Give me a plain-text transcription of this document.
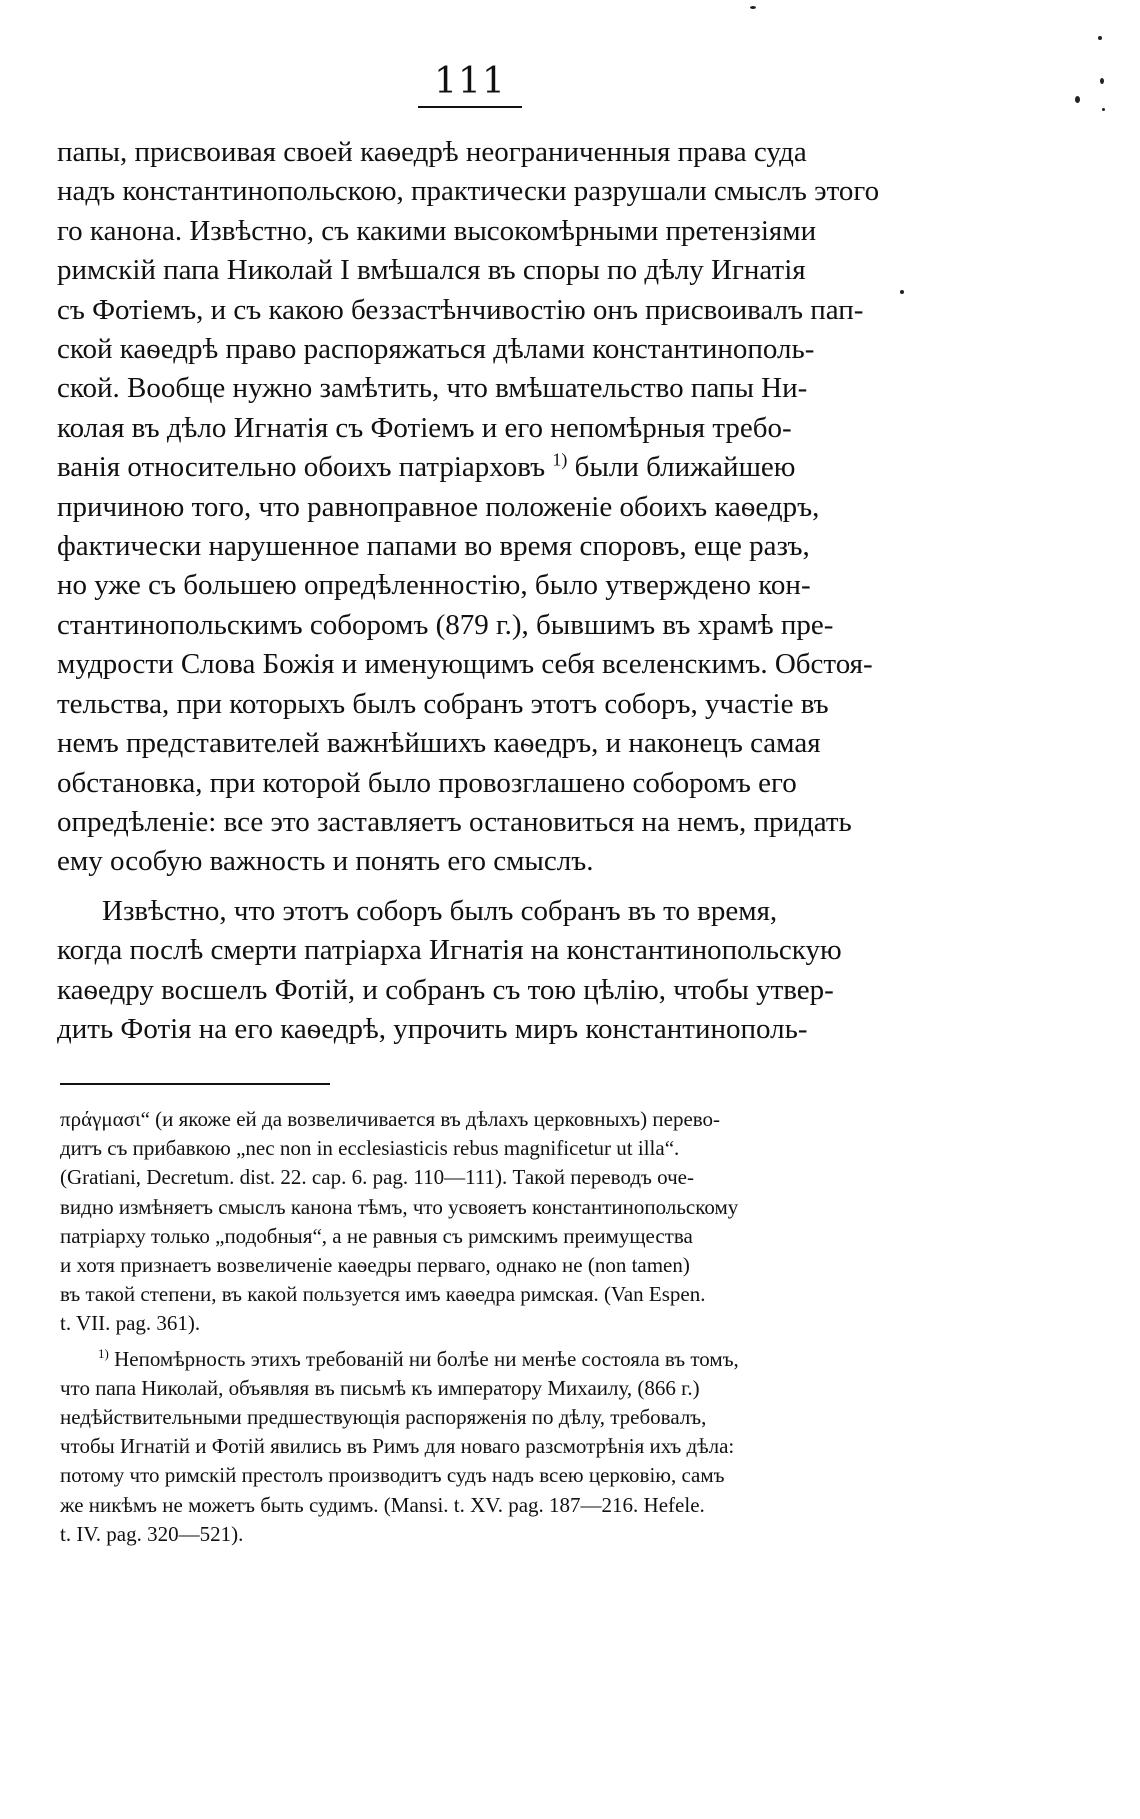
111
папы, присвоивая своей каѳедрѣ неограниченныя права суда
надъ константинопольскою, практически разрушали смыслъ этого
го канона. Извѣстно, съ какими высокомѣрными претензіями
римскій папа Николай I вмѣшался въ споры по дѣлу Игнатія
съ Фотіемъ, и съ какою беззастѣнчивостію онъ присвоивалъ пап-
ской каѳедрѣ право распоряжаться дѣлами константинополь-
ской. Вообще нужно замѣтить, что вмѣшательство папы Ни-
колая въ дѣло Игнатія съ Фотіемъ и его непомѣрныя требо-
ванія относительно обоихъ патріарховъ $^{1)}$ были ближайшею
причиною того, что равноправное положеніе обоихъ каѳедръ,
фактически нарушенное папами во время споровъ, еще разъ,
но уже съ большею опредѣленностію, было утверждено кон-
стантинопольскимъ соборомъ (879 г.), бывшимъ въ храмѣ пре-
мудрости Слова Божія и именующимъ себя вселенскимъ. Обстоя-
тельства, при которыхъ былъ собранъ этотъ соборъ, участіе въ
немъ представителей важнѣйшихъ каѳедръ, и наконецъ самая
обстановка, при которой было провозглашено соборомъ его
опредѣленіе: все это заставляетъ остановиться на немъ, придать
ему особую важность и понять его смыслъ.
Извѣстно, что этотъ соборъ былъ собранъ въ то время,
когда послѣ смерти патріарха Игнатія на константинопольскую
каѳедру восшелъ Фотій, и собранъ съ тою цѣлію, чтобы утвер-
дить Фотія на его каѳедрѣ, упрочить миръ константинополь-
πράγμασι“ (и якоже ей да возвеличивается въ дѣлахъ церковныхъ) перево-
дитъ съ прибавкою „nec non in ecclesiasticis rebus magnificetur ut illa“.
(Gratiani, Decretum. dist. 22. cap. 6. pag. 110—111). Такой переводъ оче-
видно измѣняетъ смыслъ канона тѣмъ, что усвояетъ константинопольскому
патріарху только „подобныя“, а не равныя съ римскимъ преимущества
и хотя признаетъ возвеличеніе каѳедры перваго, однако не (non tamen)
въ такой степени, въ какой пользуется имъ каѳедра римская. (Van Espen.
t. VII. pag. 361).
$^{1)}$ Непомѣрность этихъ требованій ни болѣе ни менѣе состояла въ томъ,
что папа Николай, объявляя въ письмѣ къ императору Михаилу, (866 г.)
недѣйствительными предшествующія распоряженія по дѣлу, требовалъ,
чтобы Игнатій и Фотій явились въ Римъ для новаго разсмотрѣнія ихъ дѣла:
потому что римскій престолъ производитъ судъ надъ всею церковію, самъ
же никѣмъ не можетъ быть судимъ. (Mansi. t. XV. pag. 187—216. Hefele.
t. IV. pag. 320—521).
